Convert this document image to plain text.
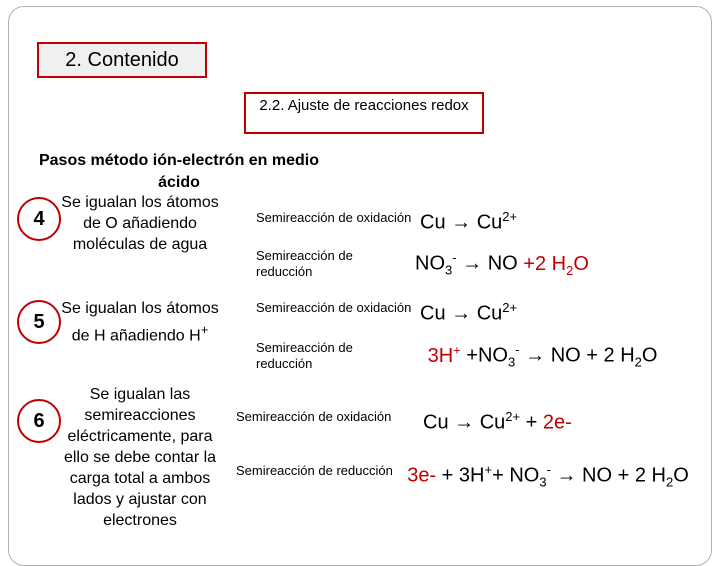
2. Contenido
2.2. Ajuste de reacciones redox
Pasos método ión-electrón en medio ácido
4
Se igualan los átomos de O añadiendo moléculas de agua
5
Se igualan los átomos de H añadiendo H+
6
Se igualan las semireacciones eléctricamente, para ello se debe contar la carga total a ambos lados y ajustar con electrones
Semireacción de oxidación $Cu \to Cu^{2+}$
Semireacción de reducción	$NO_3^-$ → NO +2 $H_2O$
Semireacción de oxidación $Cu \to Cu^{2+}$
Semireacción de reducción	$3H^+ +NO_3^-$ → NO + 2 $H_2O$
Semireacción de oxidación $Cu \to Cu^{2+} + 2e-$
Semireacción de reducción $3e- + 3H^++ NO_3^-$ → NO + 2 $H_2O$
